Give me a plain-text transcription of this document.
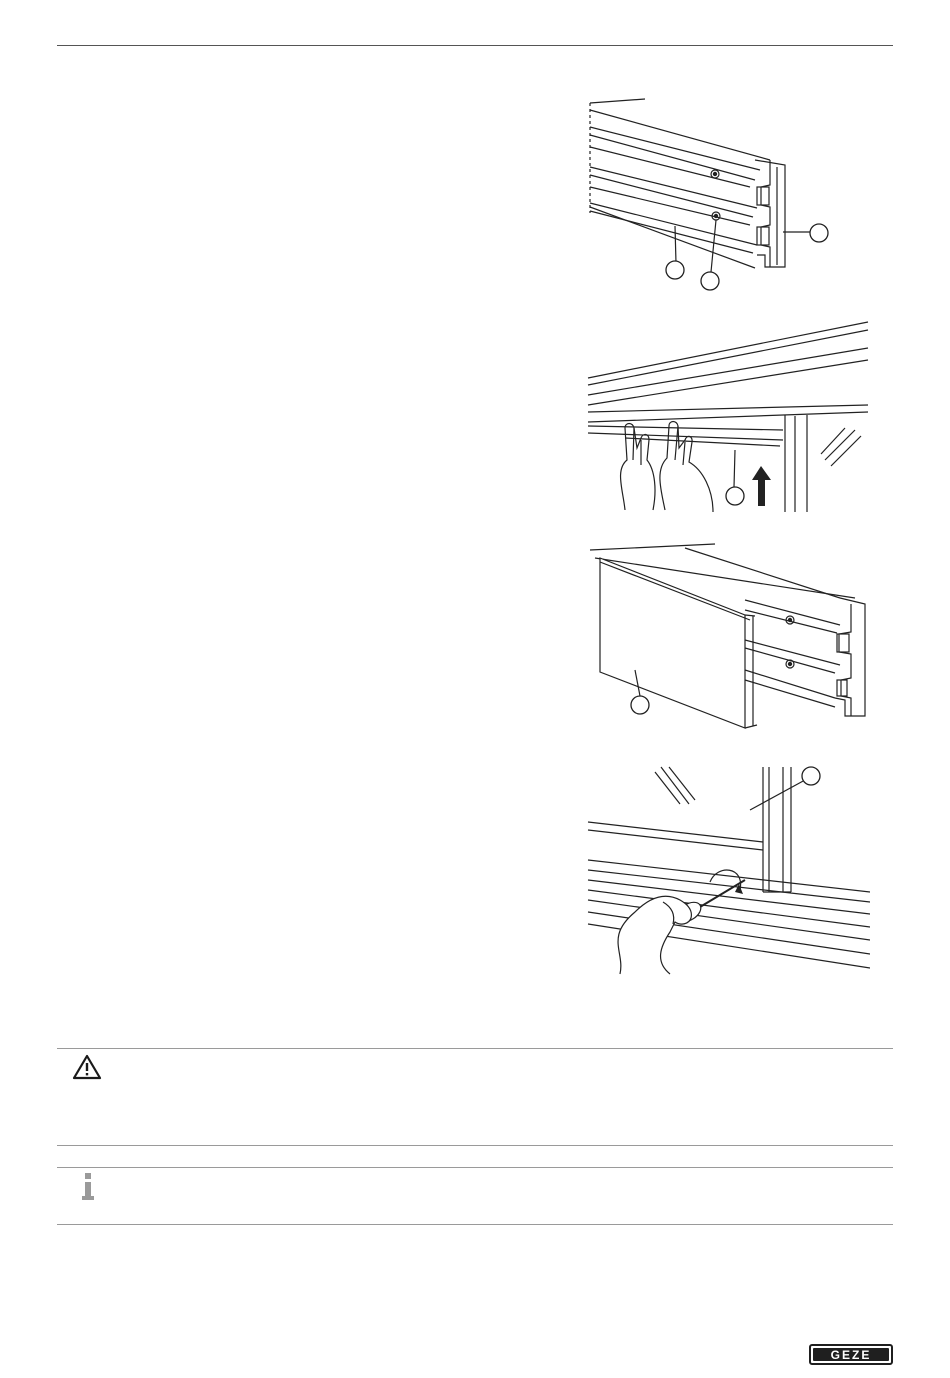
GEZE
